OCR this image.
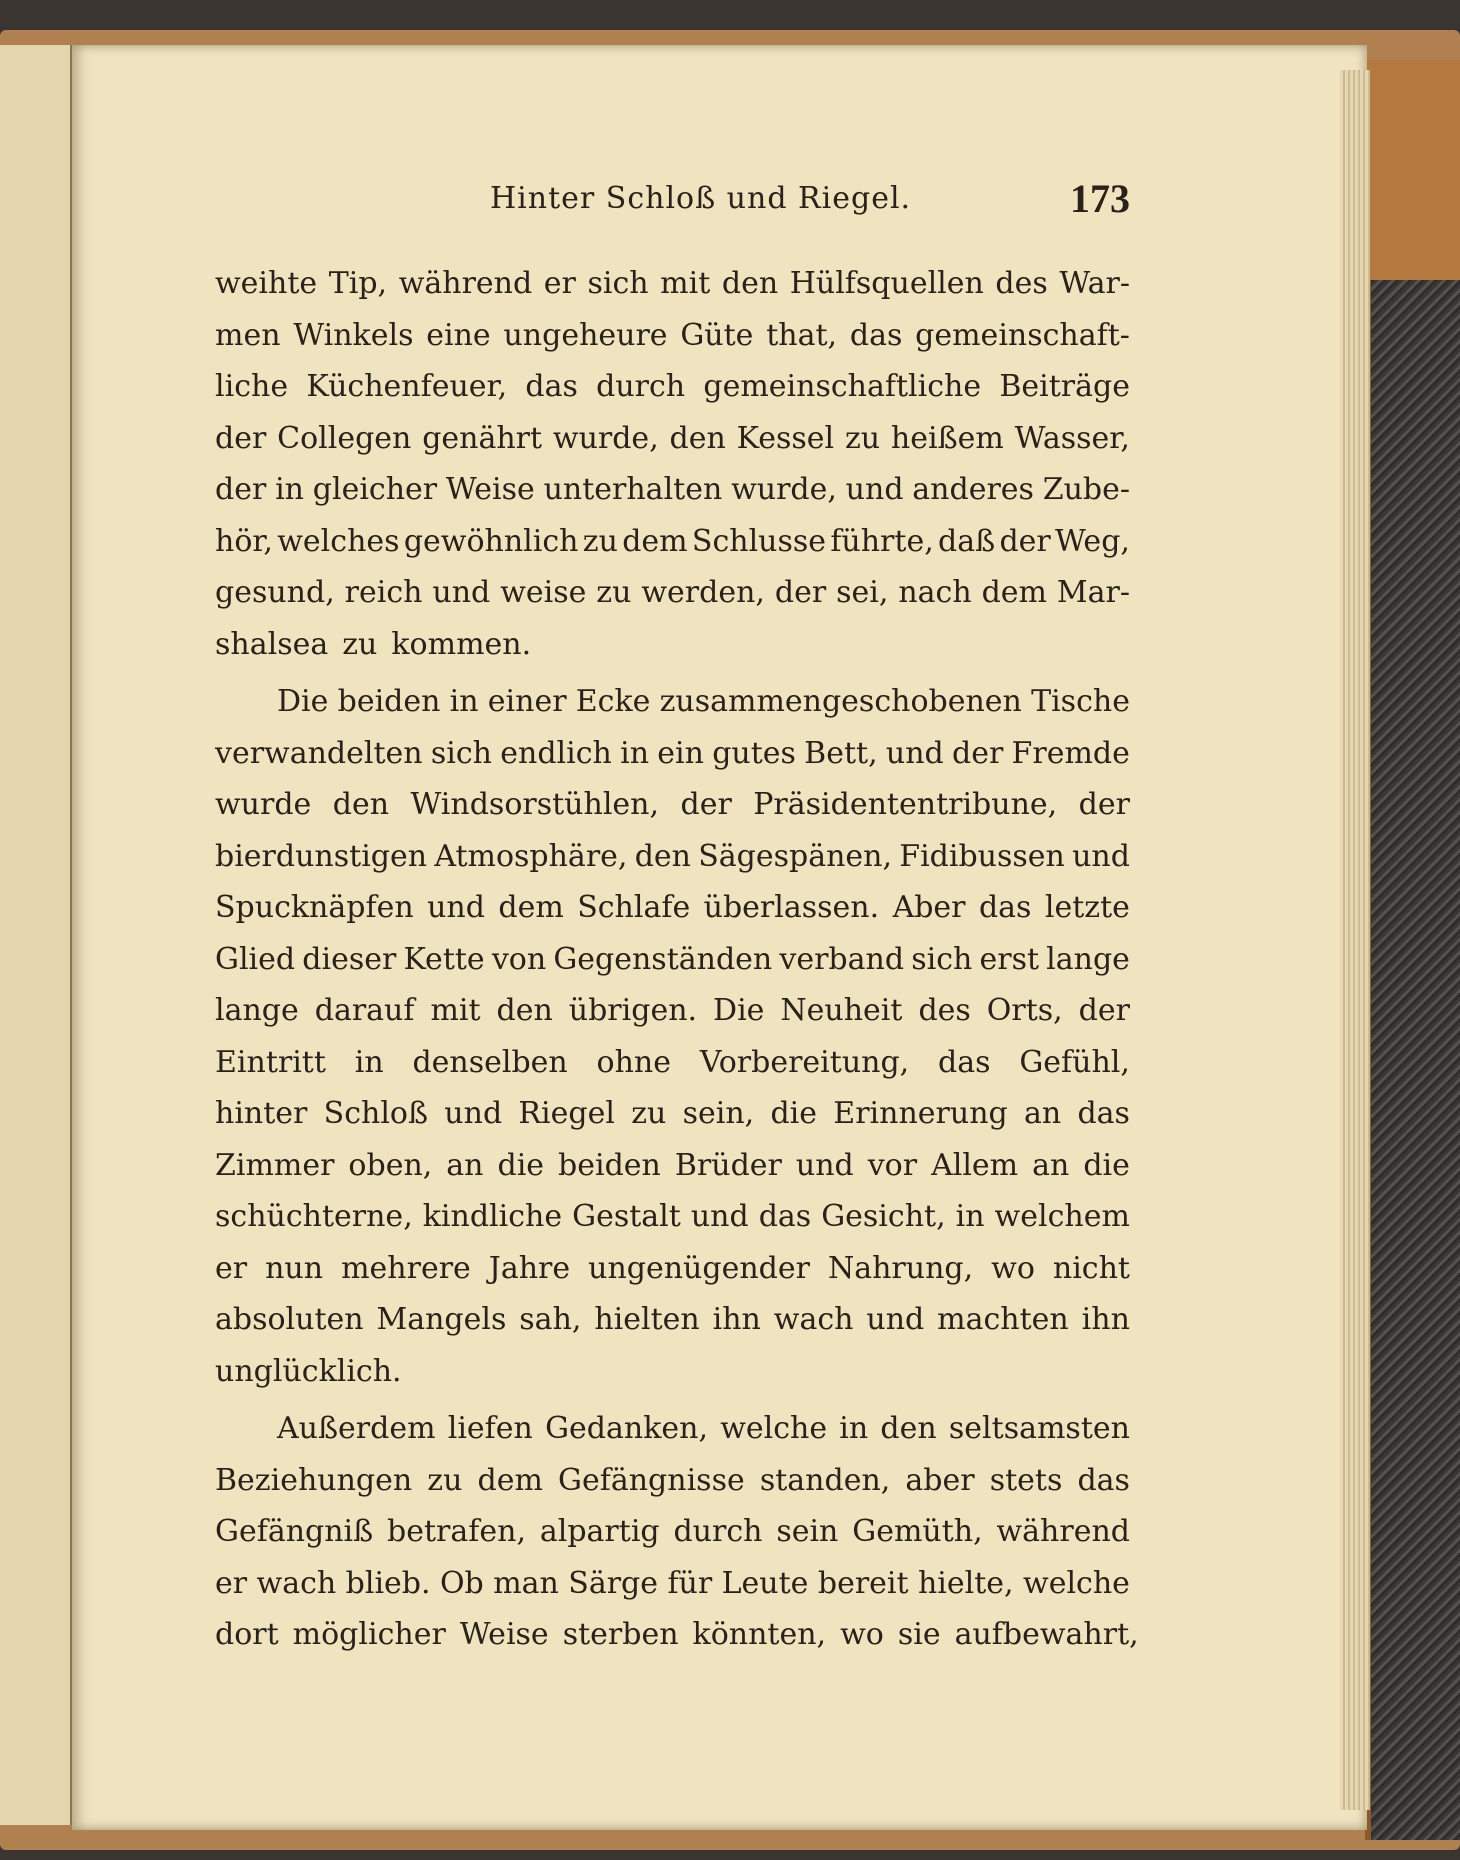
Hinter Schloß und Riegel.	173
weihte Tip, während er sich mit den Hülfsquellen des War-
men Winkels eine ungeheure Güte that, das gemeinschaft-
liche Küchenfeuer, das durch gemeinschaftliche Beiträge
der Collegen genährt wurde, den Kessel zu heißem Wasser,
der in gleicher Weise unterhalten wurde, und anderes Zube-
hör, welches gewöhnlich zu dem Schlusse führte, daß der Weg,
gesund, reich und weise zu werden, der sei, nach dem Mar-
shalsea zu kommen.
Die beiden in einer Ecke zusammengeschobenen Tische
verwandelten sich endlich in ein gutes Bett, und der Fremde
wurde den Windsorstühlen, der Präsidententribune, der
bierdunstigen Atmosphäre, den Sägespänen, Fidibussen und
Spucknäpfen und dem Schlafe überlassen. Aber das letzte
Glied dieser Kette von Gegenständen verband sich erst lange
lange darauf mit den übrigen. Die Neuheit des Orts, der
Eintritt in denselben ohne Vorbereitung, das Gefühl,
hinter Schloß und Riegel zu sein, die Erinnerung an das
Zimmer oben, an die beiden Brüder und vor Allem an die
schüchterne, kindliche Gestalt und das Gesicht, in welchem
er nun mehrere Jahre ungenügender Nahrung, wo nicht
absoluten Mangels sah, hielten ihn wach und machten ihn
unglücklich.
Außerdem liefen Gedanken, welche in den seltsamsten
Beziehungen zu dem Gefängnisse standen, aber stets das
Gefängniß betrafen, alpartig durch sein Gemüth, während
er wach blieb. Ob man Särge für Leute bereit hielte, welche
dort möglicher Weise sterben könnten, wo sie aufbewahrt,
